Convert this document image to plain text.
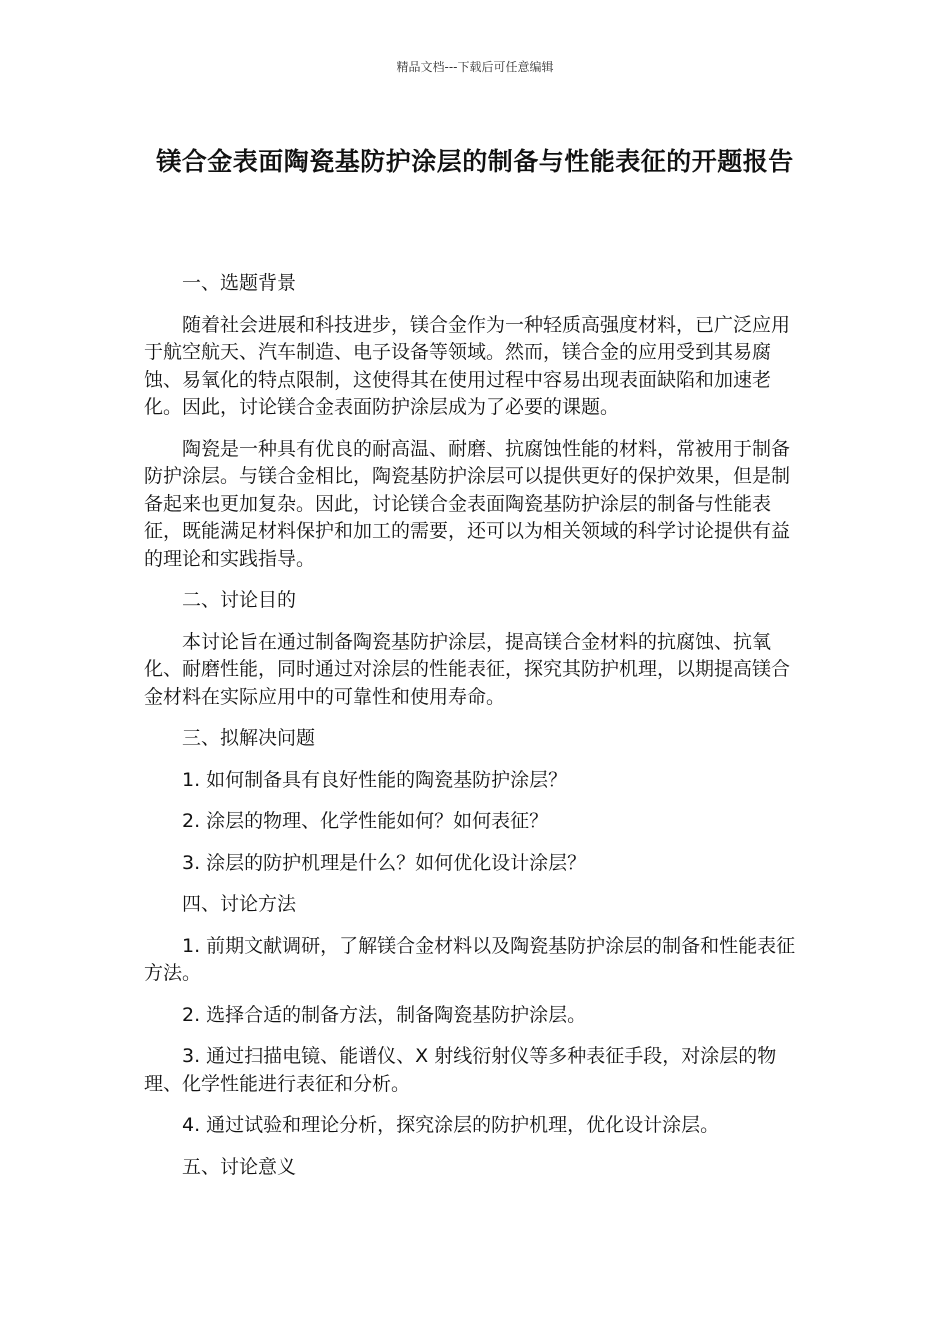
精品文档---下载后可任意编辑
镁合金表面陶瓷基防护涂层的制备与性能表征的开题报告

一、选题背景

随着社会进展和科技进步，镁合金作为一种轻质高强度材料，已广泛应用于航空航天、汽车制造、电子设备等领域。然而，镁合金的应用受到其易腐蚀、易氧化的特点限制，这使得其在使用过程中容易出现表面缺陷和加速老化。因此，讨论镁合金表面防护涂层成为了必要的课题。

陶瓷是一种具有优良的耐高温、耐磨、抗腐蚀性能的材料，常被用于制备防护涂层。与镁合金相比，陶瓷基防护涂层可以提供更好的保护效果，但是制备起来也更加复杂。因此，讨论镁合金表面陶瓷基防护涂层的制备与性能表征，既能满足材料保护和加工的需要，还可以为相关领域的科学讨论提供有益的理论和实践指导。

二、讨论目的

本讨论旨在通过制备陶瓷基防护涂层，提高镁合金材料的抗腐蚀、抗氧化、耐磨性能，同时通过对涂层的性能表征，探究其防护机理，以期提高镁合金材料在实际应用中的可靠性和使用寿命。

三、拟解决问题

1. 如何制备具有良好性能的陶瓷基防护涂层？

2. 涂层的物理、化学性能如何？如何表征？

3. 涂层的防护机理是什么？如何优化设计涂层？

四、讨论方法

1. 前期文献调研，了解镁合金材料以及陶瓷基防护涂层的制备和性能表征方法。

2. 选择合适的制备方法，制备陶瓷基防护涂层。

3. 通过扫描电镜、能谱仪、X 射线衍射仪等多种表征手段，对涂层的物理、化学性能进行表征和分析。

4. 通过试验和理论分析，探究涂层的防护机理，优化设计涂层。

五、讨论意义
